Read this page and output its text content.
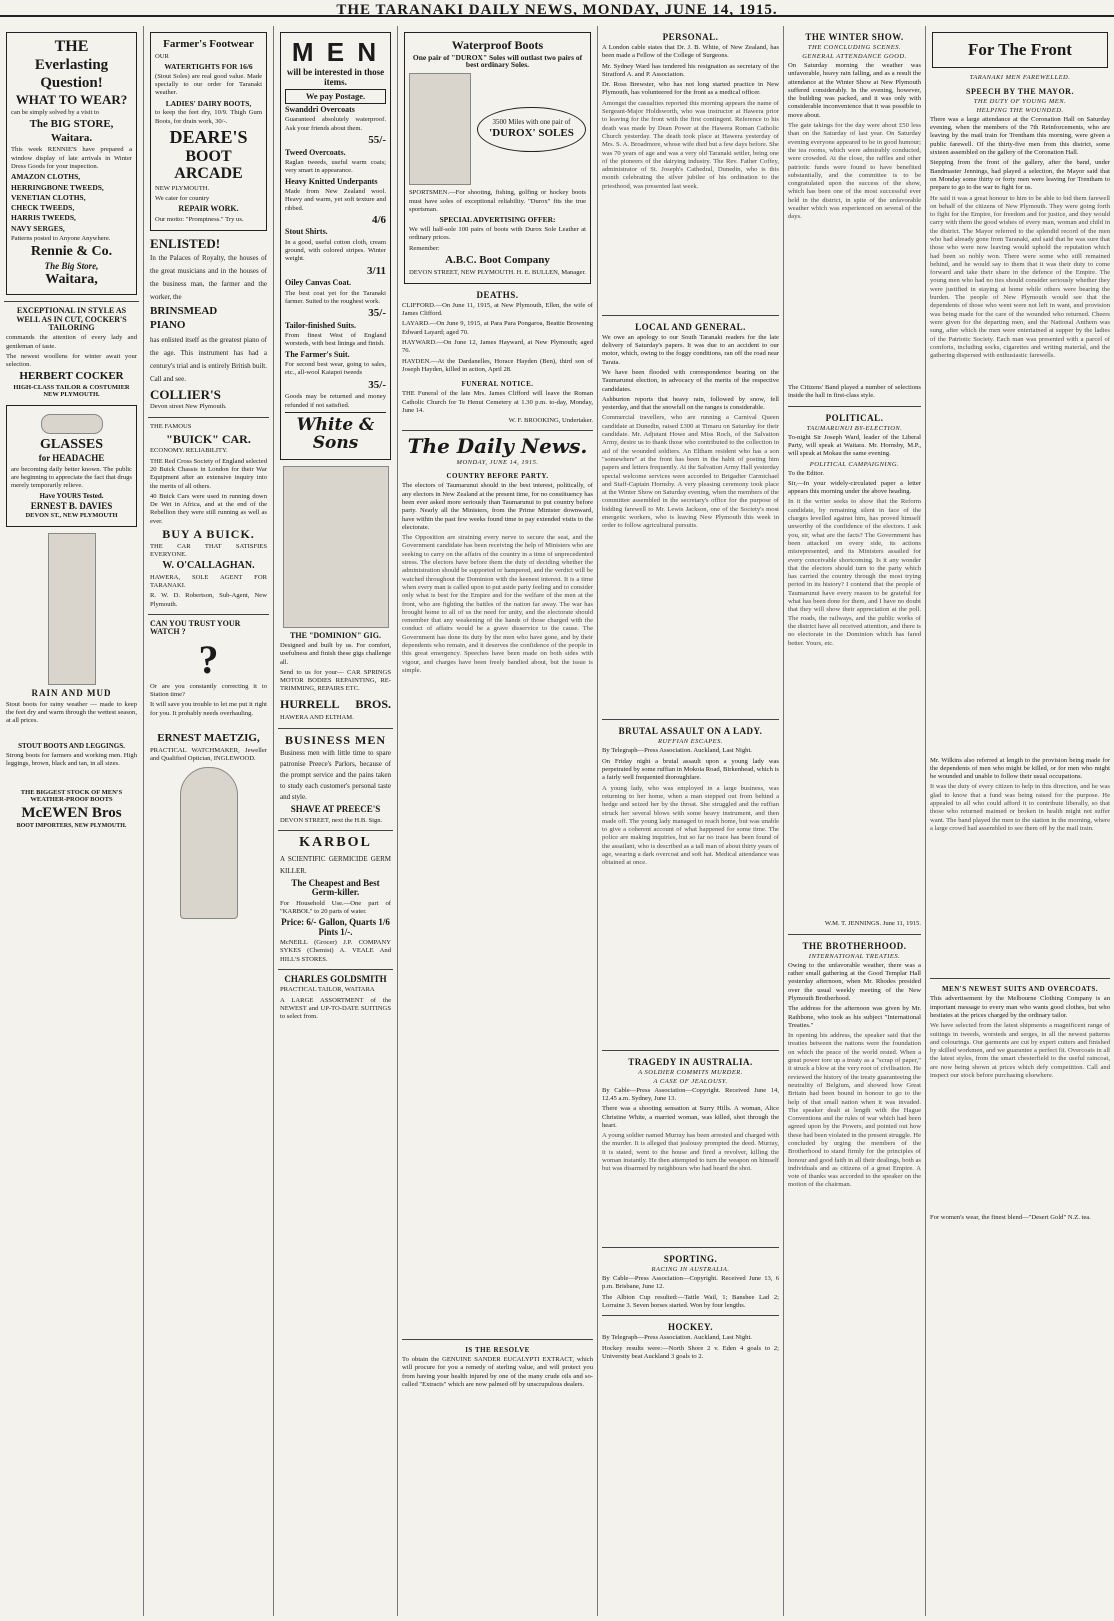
THE TARANAKI DAILY NEWS, MONDAY, JUNE 14, 1915.
THE
Everlasting
Question!
WHAT TO WEAR?

can be simply solved by a visit to

The BIG STORE,
Waitara.

This week RENNIE'S have prepared a window display of late arrivals in Winter Dress Goods for your inspection.

AMAZON CLOTHS,

HERRINGBONE TWEEDS,

VENETIAN CLOTHS,

CHECK TWEEDS,

HARRIS TWEEDS,

NAVY SERGES,

Patterns posted to Anyone Anywhere.

Rennie & Co.
The Big Store,
Waitara,
EXCEPTIONAL IN STYLE AS WELL AS IN CUT, COCKER'S TAILORING

commands the attention of every lady and gentleman of taste.

The newest woollens for winter await your selection.

HERBERT COCKER
HIGH-CLASS TAILOR & COSTUMIER NEW PLYMOUTH.
GLASSES
for HEADACHE

are becoming daily better known. The public are beginning to appreciate the fact that drugs merely temporarily relieve.

Have YOURS Tested.
ERNEST B. DAVIES
DEVON ST., NEW PLYMOUTH
RAIN AND MUD

Stout boots for rainy weather — made to keep the feet dry and warm through the wettest season, at all prices.

STOUT BOOTS AND LEGGINGS.

Strong boots for farmers and working men. High leggings, brown, black and tan, in all sizes.

THE BIGGEST STOCK OF MEN'S WEATHER-PROOF BOOTS
McEWEN Bros
BOOT IMPORTERS, NEW PLYMOUTH.
Farmer's Footwear

OUR

WATERTIGHTS FOR 16/6

(Stout Soles) are real good value. Made specially to our order for Taranaki weather.

LADIES' DAIRY BOOTS,

to keep the feet dry, 10/9. Thigh Gum Boots, for drain work, 30/-.

DEARE'S
BOOT ARCADE

NEW PLYMOUTH.

We cater for country

REPAIR WORK.

Our motto: "Promptness." Try us.

ENLISTED!

In the Palaces of Royalty, the houses of the great musicians and in the houses of the business man, the farmer and the worker, the

BRINSMEAD
PIANO

has enlisted itself as the greatest piano of the age. This instrument has had a century's trial and is entirely British built. Call and see.

COLLIER'S

Devon street New Plymouth.

THE FAMOUS

"BUICK" CAR.

ECONOMY. RELIABILITY.

THE Red Cross Society of England selected 20 Buick Chassis in London for their War Equipment after an extensive inquiry into the merits of all others.

40 Buick Cars were used in running down De Wet in Africa, and at the end of the Rebellion they were still running as well as ever.

BUY A BUICK.

THE CAR THAT SATISFIES EVERYONE.

W. O'CALLAGHAN.

HAWERA, SOLE AGENT FOR TARANAKI.

R. W. D. Robertson, Sub-Agent, New Plymouth.

CAN YOU TRUST YOUR WATCH ?
?

Or are you constantly correcting it to Station time?

It will save you trouble to let me put it right for you. It probably needs overhauling.

ERNEST MAETZIG,

PRACTICAL WATCHMAKER, Jeweller and Qualified Optician, INGLEWOOD.

M E N
will be interested in those items.
We pay Postage.
Swanddri Overcoats

Guaranteed absolutely waterproof. Ask your friends about them.

55/-
Tweed Overcoats.

Raglan tweeds, useful warm coats; very smart in appearance.

Heavy Knitted Underpants

Made from New Zealand wool. Heavy and warm, yet soft texture and ribbed.

4/6
Stout Shirts.

In a good, useful cotton cloth, cream ground, with colored stripes. Winter weight.

3/11
Oiley Canvas Coat.

The best coat yet for the Taranaki farmer. Suited to the roughest work.

35/-
Tailor-finished Suits.

From finest West of England worsteds, with best linings and finish.

The Farmer's Suit.

For second best wear, going to sales, etc., all-wool Kaiapoi tweeds

35/-

Goods may be returned and money refunded if not satisfied.

White & Sons
THE "DOMINION" GIG.

Designed and built by us. For comfort, usefulness and finish these gigs challenge all.

Send to us for your— CAR SPRINGS MOTOR BODIES REPAINTING, RE-TRIMMING, REPAIRS ETC.

HURRELL BROS.

HAWERA AND ELTHAM.

BUSINESS MEN

Business men with little time to spare patronise Preece's Parlors, because of the prompt service and the pains taken to study each customer's personal taste and style.

SHAVE AT PREECE'S

DEVON STREET, next the H.B. Sign.

KARBOL

A SCIENTIFIC GERMICIDE GERM KILLER.

The Cheapest and Best Germ-killer.

For Household Use.—One part of "KARBOL" to 20 parts of water.

Price: 6/- Gallon, Quarts 1/6 Pints 1/-.

McNEILL (Grocer) J.P. COMPANY SYKES (Chemist) A. VEALE And HILL'S STORES.

CHARLES GOLDSMITH

PRACTICAL TAILOR, WAITARA

A LARGE ASSORTMENT of the NEWEST and UP-TO-DATE SUITINGS to select from.

Waterproof Boots
One pair of "DUROX" Soles will outlast two pairs of best ordinary Soles.
3500 Miles with one pair of
'DUROX' SOLES

SPORTSMEN.—For shooting, fishing, golfing or hockey boots must have soles of exceptional reliability. "Durox" fits the true sportsman.

SPECIAL ADVERTISING OFFER:

We will half-sole 100 pairs of boots with Durox Sole Leather at ordinary prices.

Remember:

A.B.C. Boot Company

DEVON STREET, NEW PLYMOUTH. H. E. BULLEN, Manager.

DEATHS.

CLIFFORD.—On June 11, 1915, at New Plymouth, Ellen, the wife of James Clifford.

LAYARD.—On June 9, 1915, at Para Para Pongaroa, Beattie Browning Edward Layard; aged 70.

HAYWARD.—On June 12, James Hayward, at New Plymouth; aged 76.

HAYDEN.—At the Dardanelles, Horace Hayden (Ben), third son of Joseph Hayden, killed in action, April 28.

FUNERAL NOTICE.

THE Funeral of the late Mrs. James Clifford will leave the Roman Catholic Church for Te Henui Cemetery at 1.30 p.m. to-day, Monday, June 14.

W. F. BROOKING, Undertaker.

The Daily News.
MONDAY, JUNE 14, 1915.
COUNTRY BEFORE PARTY.

The electors of Taumarunui should in the best interest, politically, of any electors in New Zealand at the present time, for no constituency has been ever asked more seriously than Taumarunui to put country before party. Nearly all the Ministers, from the Prime Minister downward, have within the past few weeks found time to pay extended visits to the electorate.

The Opposition are straining every nerve to secure the seat, and the Government candidate has been receiving the help of Ministers who are seeking to carry on the affairs of the country in a time of unprecedented stress. The electors have before them the duty of deciding whether the administration should be supported or hampered, and the verdict will be watched throughout the Dominion with the keenest interest. It is a time when every man is called upon to put aside party feeling and to consider only what is best for the Empire and for the welfare of the men at the front, who are fighting the battles of the nation far away. The war has brought home to all of us the need for unity, and the electorate should remember that any weakening of the hands of those charged with the conduct of affairs would be a grave disservice to the cause. The Government has done its duty by the men who have gone, and by their dependents who remain, and it deserves the confidence of the people in this great emergency. Speeches have been made on both sides with vigour, and charges have been freely bandied about, but the issue is simple.

IS THE RESOLVE

To obtain the GENUINE SANDER EUCALYPTI EXTRACT, which will procure for you a remedy of sterling value, and will protect you from having your health injured by one of the many crude oils and so-called "Extracts" which are now palmed off by unscrupulous dealers.

PERSONAL.

A London cable states that Dr. J. B. White, of New Zealand, has been made a Fellow of the College of Surgeons.

Mr. Sydney Ward has tendered his resignation as secretary of the Stratford A. and P. Association.

Dr. Ross Brewster, who has not long started practice in New Plymouth, has volunteered for the front as a medical officer.

Amongst the casualties reported this morning appears the name of Sergeant-Major Holdsworth, who was instructor at Hawera prior to leaving for the front with the first contingent. Reference to his death was made by Dean Power at the Hawera Roman Catholic Church yesterday. The death took place at Hawera yesterday of Mrs. S. A. Broadmore, whose wife died but a few days before. She was 70 years of age and was a very old Taranaki settler, being one of the pioneers of the dairying industry. The Rev. Father Coffey, administrator of St. Joseph's Cathedral, Dunedin, who is this month celebrating the silver jubilee of his ordination to the priesthood, was presented last week.

LOCAL AND GENERAL.

We owe an apology to our South Taranaki readers for the late delivery of Saturday's papers. It was due to an accident to our motor, which, owing to the foggy conditions, ran off the road near Tarata.

We have been flooded with correspondence bearing on the Taumarunui election, in advocacy of the merits of the respective candidates.

Ashburton reports that heavy rain, followed by snow, fell yesterday, and that the snowfall on the ranges is considerable.

Commercial travellers, who are running a Carnival Queen candidate at Dunedin, raised £300 at Timaru on Saturday for their candidate. Mr. Adjutant Howe and Miss Roch, of the Salvation Army, desire us to thank those who contributed to the collection in aid of the wounded soldiers. An Eltham resident who has a son "somewhere" at the front has been in the habit of posting him papers and letters frequently. At the Salvation Army Hall yesterday special welcome services were accorded to Brigadier Carmichael and Staff-Captain Hornsby. A very pleasing ceremony took place at the Winter Show on Saturday evening, when the members of the committee assembled in the secretary's office for the purpose of bidding farewell to Mr. Lewis Jackson, one of the Society's most energetic workers, who is leaving New Plymouth this week in order to follow agricultural pursuits.

BRUTAL ASSAULT ON A LADY.
RUFFIAN ESCAPES.

By Telegraph—Press Association. Auckland, Last Night.

On Friday night a brutal assault upon a young lady was perpetrated by some ruffian in Mokoia Road, Birkenhead, which is a fairly well frequented thoroughfare.

A young lady, who was employed in a large business, was returning to her home, when a man stepped out from behind a hedge and seized her by the throat. She struggled and the ruffian struck her several blows with some heavy instrument, and then made off. The young lady managed to reach home, but was unable to give a coherent account of what happened for some time. The police are making inquiries, but so far no trace has been found of the assailant, who is described as a tall man of about thirty years of age, wearing a dark overcoat and soft hat. Medical attendance was obtained at once.

TRAGEDY IN AUSTRALIA.
A SOLDIER COMMITS MURDER.
A CASE OF JEALOUSY.

By Cable—Press Association—Copyright. Received June 14, 12.45 a.m. Sydney, June 13.

There was a shooting sensation at Surry Hills. A woman, Alice Christine White, a married woman, was killed, shot through the heart.

A young soldier named Murray has been arrested and charged with the murder. It is alleged that jealousy prompted the deed. Murray, it is stated, went to the house and fired a revolver, killing the woman instantly. He then attempted to turn the weapon on himself but was disarmed by neighbours who had heard the shot.

SPORTING.
RACING IN AUSTRALIA.

By Cable—Press Association—Copyright. Received June 13, 6 p.m. Brisbane, June 12.

The Albion Cup resulted:—Tattle Wail, 1; Banshee Lad 2; Lorraine 3. Seven horses started. Won by four lengths.

HOCKEY.

By Telegraph—Press Association. Auckland, Last Night.

Hockey results were:—North Shore 2 v. Eden 4 goals to 2; University beat Auckland 3 goals to 2.

THE WINTER SHOW.
THE CONCLUDING SCENES.
GENERAL ATTENDANCE GOOD.

On Saturday morning the weather was unfavorable, heavy rain falling, and as a result the attendance at the Winter Show at New Plymouth suffered considerably. In the evening, however, the building was packed, and it was only with considerable inconvenience that it was possible to move about.

The gate takings for the day were about £50 less than on the Saturday of last year. On Saturday evening everyone appeared to be in good humour; the tea rooms, which were admirably conducted, were crowded. At the close, the raffles and other patriotic funds were found to have benefited substantially, and the committee is to be congratulated upon the success of the show, which has been one of the most successful ever held in the district, in spite of the unfavorable weather which was experienced on several of the days.

The Citizens' Band played a number of selections inside the hall in first-class style.

POLITICAL.
TAUMARUNUI BY-ELECTION.

To-night Sir Joseph Ward, leader of the Liberal Party, will speak at Waitara. Mr. Hornsby, M.P., will speak at Mokau the same evening.

POLITICAL CAMPAIGNING.

To the Editor.

Sir,—In your widely-circulated paper a letter appears this morning under the above heading.

In it the writer seeks to show that the Reform candidate, by remaining silent in face of the charges levelled against him, has proved himself unworthy of the confidence of the electors. I ask you, sir, what are the facts? The Government has been attacked on every side, its actions misrepresented, and its Ministers assailed for every conceivable shortcoming. Is it any wonder that the electors should turn to the party which has carried the country through the most trying period in its history? I contend that the people of Taumarunui have every reason to be grateful for what has been done for them, and I have no doubt that they will show their appreciation at the poll. The roads, the railways, and the public works of the district have all received attention, and there is no electorate in the Dominion which has fared better. Yours, etc.

W.M. T. JENNINGS. June 11, 1915.

THE BROTHERHOOD.
INTERNATIONAL TREATIES.

Owing to the unfavorable weather, there was a rather small gathering at the Good Templar Hall yesterday afternoon, when Mr. Rhodes presided over the usual weekly meeting of the New Plymouth Brotherhood.

The address for the afternoon was given by Mr. Rathbone, who took as his subject "International Treaties."

In opening his address, the speaker said that the treaties between the nations were the foundation on which the peace of the world rested. When a great power tore up a treaty as a "scrap of paper," it struck a blow at the very root of civilisation. He reviewed the history of the treaty guaranteeing the neutrality of Belgium, and showed how Great Britain had been bound in honour to go to the help of that small nation when it was invaded. The speaker dealt at length with the Hague Conventions and the rules of war which had been agreed upon by the Powers, and pointed out how these had been violated in the present struggle. He concluded by urging the members of the Brotherhood to stand firmly for the principles of honour and good faith in all their dealings, both as individuals and as citizens of a great Empire. A vote of thanks was accorded to the speaker on the motion of the chairman.

For The Front
TARANAKI MEN FAREWELLED.
SPEECH BY THE MAYOR.
THE DUTY OF YOUNG MEN.
HELPING THE WOUNDED.

There was a large attendance at the Coronation Hall on Saturday evening, when the members of the 7th Reinforcements, who are leaving by the mail train for Trentham this morning, were given a public farewell. Of the thirty-five men from this district, some sixteen assembled on the gallery of the Coronation Hall.

Stepping from the front of the gallery, after the band, under Bandmaster Jennings, had played a selection, the Mayor said that on Monday some thirty or forty men were leaving for Trentham to prepare to go to the war to fight for us.

He said it was a great honour to him to be able to bid them farewell on behalf of the citizens of New Plymouth. They were going forth to fight for the Empire, for freedom and for justice, and they would carry with them the good wishes of every man, woman and child in the district. The Mayor referred to the splendid record of the men who had already gone from Taranaki, and said that he was sure that those who were now leaving would uphold the reputation which had been so nobly won. There were some who still remained behind, and he would say to them that it was their duty to come forward and take their share in the defence of the Empire. The young men who had no ties should consider seriously whether they were justified in staying at home while others were bearing the burden. The people of New Plymouth would see that the dependents of those who went were not left in want, and provision was being made for the care of the wounded who returned. Cheers were given for the departing men, and the National Anthem was sung, after which the men were entertained at supper by the ladies of the Patriotic Society. Each man was presented with a parcel of comforts, including socks, cigarettes and writing material, and the gathering dispersed with enthusiastic farewells.

Mr. Wilkins also referred at length to the provision being made for the dependents of men who might be killed, or for men who might be wounded and unable to follow their usual occupations.

It was the duty of every citizen to help in this direction, and he was glad to know that a fund was being raised for the purpose. He appealed to all who could afford it to contribute liberally, so that those who returned maimed or broken in health might not suffer want. The band played the men to the station in the morning, where a large crowd had assembled to see them off by the mail train.

MEN'S NEWEST SUITS AND OVERCOATS.

This advertisement by the Melbourne Clothing Company is an important message to every man who wants good clothes, but who hesitates at the prices charged by the ordinary tailor.

We have selected from the latest shipments a magnificent range of suitings in tweeds, worsteds and serges, in all the newest patterns and colourings. Our garments are cut by expert cutters and finished by skilled workmen, and we guarantee a perfect fit. Overcoats in all the latest styles, from the smart chesterfield to the useful raincoat, are now being shown at prices which defy competition. Call and inspect our stock before purchasing elsewhere.

For women's wear, the finest blend—"Desert Gold" N.Z. tea.
